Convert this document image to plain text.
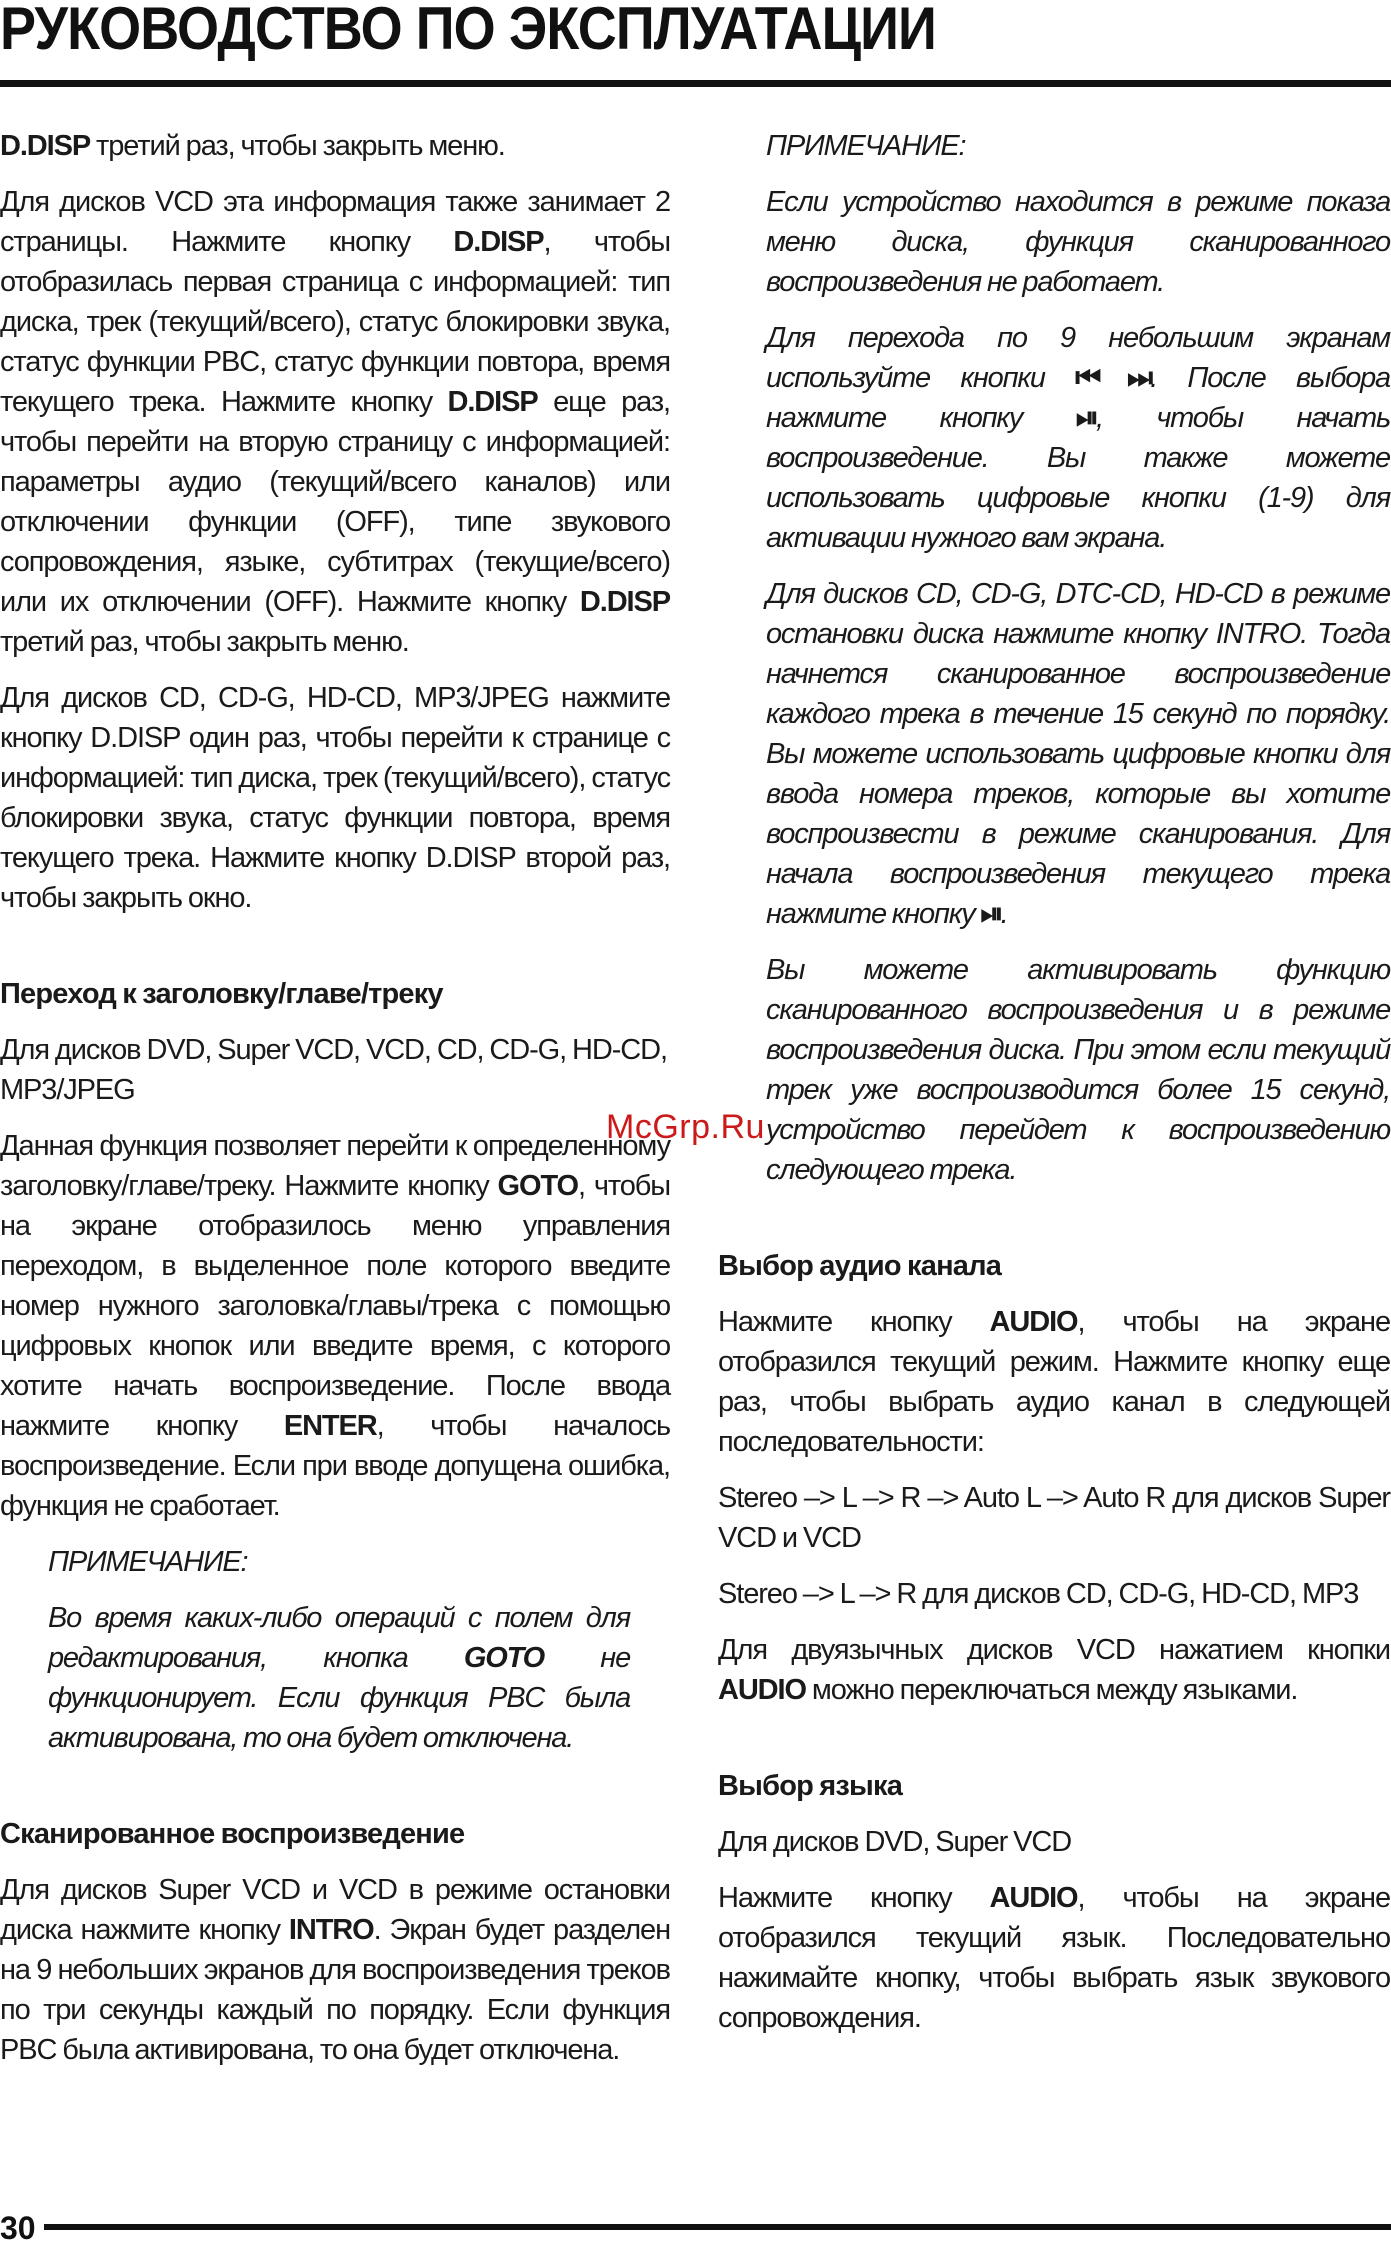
РУКОВОДСТВО ПО ЭКСПЛУАТАЦИИ

D.DISP третий раз, чтобы закрыть меню.

Для дисков VCD эта информация также занимает 2 страницы. Нажмите кнопку D.DISP, чтобы отобразилась первая страница с информацией: тип диска, трек (текущий/всего), статус блокировки звука, статус функции PBC, статус функции повтора, время текущего трека. Нажмите кнопку D.DISP еще раз, чтобы перейти на вторую страницу с информацией: параметры аудио (текущий/всего каналов) или отключении функции (OFF), типе звукового сопровождения, языке, субтитрах (текущие/всего) или их отключении (OFF). Нажмите кнопку D.DISP третий раз, чтобы закрыть меню.

Для дисков CD, CD-G, HD-CD, MP3/JPEG нажмите кнопку D.DISP один раз, чтобы перейти к странице с информацией: тип диска, трек (текущий/всего), статус блокировки звука, статус функции повтора, время текущего трека. Нажмите кнопку D.DISP второй раз, чтобы закрыть окно.

Переход к заголовку/главе/треку

Для дисков DVD, Super VCD, VCD, CD, CD-G, HD-CD, MP3/JPEG

Данная функция позволяет перейти к определенному заголовку/главе/треку. Нажмите кнопку GOTO, чтобы на экране отобразилось меню управления переходом, в выделенное поле которого введите номер нужного заголовка/главы/трека с помощью цифровых кнопок или введите время, с которого хотите начать воспроизведение. После ввода нажмите кнопку ENTER, чтобы началось воспроизведение. Если при вводе допущена ошибка, функция не сработает.

ПРИМЕЧАНИЕ:

Во время каких-либо операций с полем для редактирования, кнопка GOTO не функционирует. Если функция PBC была активирована, то она будет отключена.

Сканированное воспроизведение

Для дисков Super VCD и VCD в режиме остановки диска нажмите кнопку INTRO. Экран будет разделен на 9 небольших экранов для воспроизведения треков по три секунды каждый по порядку. Если функция PBC была активирована, то она будет отключена.

ПРИМЕЧАНИЕ:

Если устройство находится в режиме показа меню диска, функция сканированного воспроизведения не работает.

Для перехода по 9 небольшим экранам используйте кнопки ⏮ ⏭. После выбора нажмите кнопку ⏯, чтобы начать воспроизведение. Вы также можете использовать цифровые кнопки (1-9) для активации нужного вам экрана.

Для дисков CD, CD-G, DTC-CD, HD-CD в режиме остановки диска нажмите кнопку INTRO. Тогда начнется сканированное воспроизведение каждого трека в течение 15 секунд по порядку. Вы можете использовать цифровые кнопки для ввода номера треков, которые вы хотите воспроизвести в режиме сканирования. Для начала воспроизведения текущего трека нажмите кнопку ⏯.

Вы можете активировать функцию сканированного воспроизведения и в режиме воспроизведения диска. При этом если текущий трек уже воспроизводится более 15 секунд, устройство перейдет к воспроизведению следующего трека.

Выбор аудио канала

Нажмите кнопку AUDIO, чтобы на экране отобразился текущий режим. Нажмите кнопку еще раз, чтобы выбрать аудио канал в следующей последовательности:

Stereo –> L –> R –> Auto L –> Auto R для дисков Super VCD и VCD

Stereo –> L –> R для дисков CD, CD-G, HD-CD, MP3

Для двуязычных дисков VCD нажатием кнопки AUDIO можно переключаться между языками.

Выбор языка

Для дисков DVD, Super VCD

Нажмите кнопку AUDIO, чтобы на экране отобразился текущий язык. Последовательно нажимайте кнопку, чтобы выбрать язык звукового сопровождения.

McGrp.Ru
30
